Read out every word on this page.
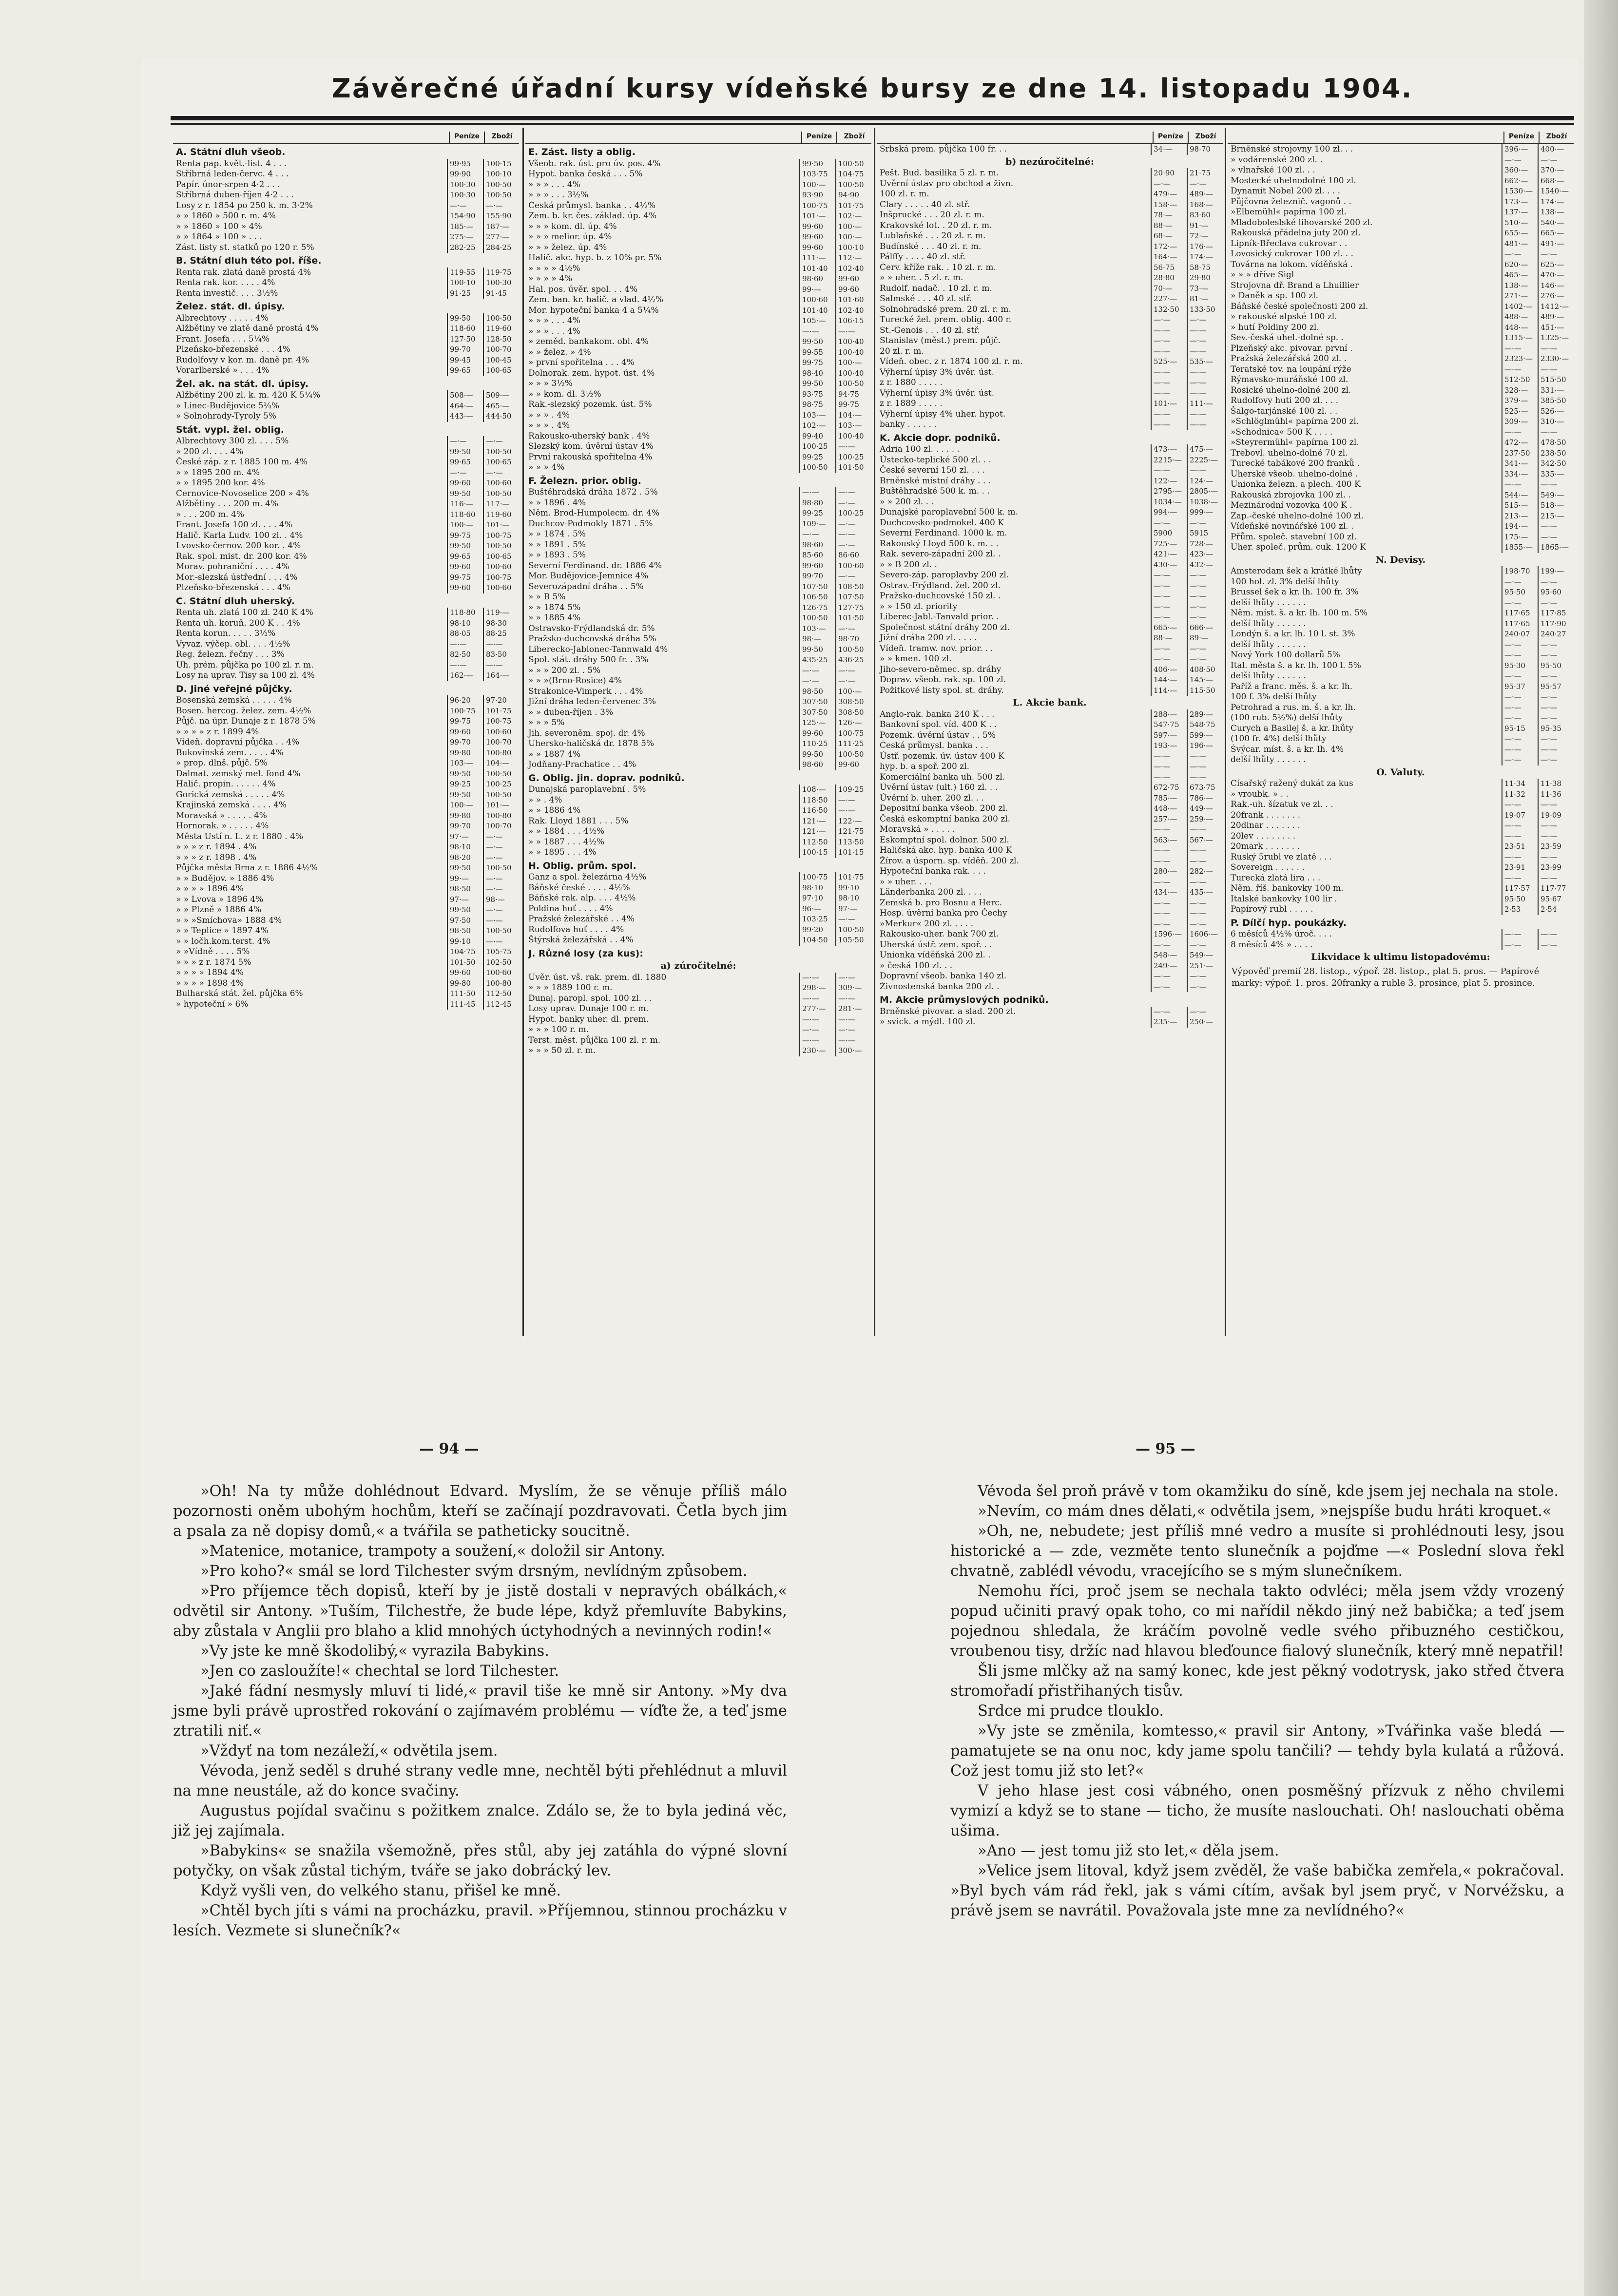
Závěrečné úřadní kursy vídeňské bursy ze dne 14. listopadu 1904.
Peníze	Zboží
A. Státní dluh všeob.
Renta pap. květ.-list. 4 . . .	99·95	100·15
Stříbrná leden-červc. 4 . . .	99·90	100·10
Papír. únor-srpen 4·2 . . .	100·30	100·50
Stříbrná duben-říjen 4·2 . . .	100·30	100·50
Losy z r. 1854 po 250 k. m. 3·2%	—·—	—·—
» » 1860 » 500 r. m. 4%	154·90	155·90
» » 1860 » 100 » 4%	185·—	187·—
» » 1864 » 100 » . . .	275·—	277·—
Zást. listy st. statků po 120 r. 5%	282·25	284·25
B. Státní dluh této pol. říše.
Renta rak. zlatá daně prostá 4%	119·55	119·75
Renta rak. kor. . . . . 4%	100·10	100·30
Renta investič. . . . 3½%	91·25	91·45
Želez. stát. dl. úpisy.
Albrechtovy . . . . . 4%	99·50	100·50
Alžbětiny ve zlatě daně prostá 4%	118·60	119·60
Frant. Josefa . . . 5¼%	127·50	128·50
Plzeňsko-březenské . . . 4%	99·70	100·70
Rudolfovy v kor. m. daně pr. 4%	99·45	100·45
Vorarlberské » . . . 4%	99·65	100·65
Žel. ak. na stát. dl. úpisy.
Alžbětiny 200 zl. k. m. 420 K 5¼%	508·—	509·—
» Linec-Budějovice 5¼%	464·—	465·—
» Solnohrady-Tyroly 5%	443·—	444·50
Stát. vypl. žel. oblig.
Albrechtovy 300 zl. . . . 5%	—·—	—·—
» 200 zl. . . . 4%	99·50	100·50
České záp. z r. 1885 100 m. 4%	99·65	100·65
» » 1895 200 m. 4%	—·—	—·—
» » 1895 200 kor. 4%	99·60	100·60
Černovice-Novoselice 200 » 4%	99·50	100·50
Alžbětiny . . . 200 m. 4%	116·—	117·—
» . . . 200 m. 4%	118·60	119·60
Frant. Josefa 100 zl. . . . 4%	100·—	101·—
Halič. Karla Ludv. 100 zl. . 4%	99·75	100·75
Lvovsko-černov. 200 kor. . 4%	99·50	100·50
Rak. spol. mist. dr. 200 kor. 4%	99·65	100·65
Morav. pohraniční . . . . 4%	99·60	100·60
Mor.-slezská ústřední . . . 4%	99·75	100·75
Plzeňsko-březenská . . . 4%	99·60	100·60
C. Státní dluh uherský.
Renta uh. zlatá 100 zl. 240 K 4%	118·80	119·—
Renta uh. koruň. 200 K . . 4%	98·10	98·30
Renta korun. . . . . 3½%	88·05	88·25
Vyvaz. výčep. obl. . . . 4½%	—·—	—·—
Reg. železn. řečny . . . 3%	82·50	83·50
Uh. prém. půjčka po 100 zl. r. m.	—·—	—·—
Losy na uprav. Tisy sa 100 zl. 4%	162·—	164·—
D. Jiné veřejné půjčky.
Bosenská zemská . . . . . 4%	96·20	97·20
Bosen. hercog. želez. zem. 4½%	100·75	101·75
Půjč. na úpr. Dunaje z r. 1878 5%	99·75	100·75
» » » » z r. 1899 4%	99·60	100·60
Vídeň. dopravní půjčka . . 4%	99·70	100·70
Bukovinská zem. . . . . 4%	99·80	100·80
» prop. dlnš. půjč. 5%	103·—	104·—
Dalmat. zemský mel. fond 4%	99·50	100·50
Halič. propin. . . . . . 4%	99·25	100·25
Gorická zemská . . . . . 4%	99·50	100·50
Krajinská zemská . . . . 4%	100·—	101·—
Moravská » . . . . . 4%	99·80	100·80
Hornorak. » . . . . . 4%	99·70	100·70
Města Ústí n. L. z r. 1880 . 4%	97·—	—·—
» » » z r. 1894 . 4%	98·10	—·—
» » » z r. 1898 . 4%	98·20	—·—
Půjčka města Brna z r. 1886 4½%	99·50	100·50
» » Budějov. » 1886 4%	99·—	—·—
» » » » 1896 4%	98·50	—·—
» » Lvova » 1896 4%	97·—	98·—
» » Plzně » 1886 4%	99·50	—·—
» » »Smíchova» 1888 4%	97·50	—·—
» » Teplice » 1897 4%	98·50	100·50
» » ločh.kom.terst. 4%	99·10	—·—
» »Vídně . . . . 5%	104·75	105·75
» » » z r. 1874 5%	101·50	102·50
» » » » 1894 4%	99·60	100·60
» » » » 1898 4%	99·80	100·80
Bulharská stát. žel. půjčka 6%	111·50	112·50
» hypoteční » 6%	111·45	112·45
Peníze	Zboží
E. Zást. listy a oblig.
Všeob. rak. úst. pro úv. pos. 4%	99·50	100·50
Hypot. banka česká . . . 5%	103·75	104·75
» » » . . . 4%	100·—	100·50
» » » . . . 3½%	93·90	94·90
Česká průmysl. banka . . 4½%	100·75	101·75
Zem. b. kr. čes. základ. úp. 4%	101·—	102·—
» » » kom. dl. úp. 4%	99·60	100·—
» » » melior. úp. 4%	99·60	100·—
» » » želez. úp. 4%	99·60	100·10
Halič. akc. hyp. b. z 10% pr. 5%	111·—	112·—
» » » » 4½%	101·40	102·40
» » » » 4%	98·60	99·60
Hal. pos. úvěr. spol. . . 4%	99·—	99·60
Zem. ban. kr. halič. a vlad. 4½%	100·60	101·60
Mor. hypoteční banka 4 a 5¼%	101·40	102·40
» » » . . . 4%	105·—	106·15
» » » . . . 4%	—·—	—·—
» zeměd. bankakom. obl. 4%	99·50	100·40
» » želez. » 4%	99·55	100·40
» první spořitelna . . . 4%	99·75	100·—
Dolnorak. zem. hypot. úst. 4%	98·40	100·40
» » » 3½%	99·50	100·50
» » kom. dl. 3½%	93·75	94·75
Rak.-slezský pozemk. úst. 5%	98·75	99·75
» » » . 4%	103·—	104·—
» » » . 4%	102·—	103·—
Rakousko-uherský bank . 4%	99·40	100·40
Slezský kom. úvěrní ústav 4%	100·25	—·—
První rakouská spořitelna 4%	99·25	100·25
» » » 4%	100·50	101·50
F. Železn. prior. oblig.
Buštěhradská dráha 1872 . 5%	—·—	—·—
» » 1896 . 4%	98·80	—·—
Něm. Brod-Humpolecm. dr. 4%	99·25	100·25
Duchcov-Podmokly 1871 . 5%	109·—	—·—
» » 1874 . 5%	—·—	—·—
» » 1891 . 5%	98·60	—·—
» » 1893 . 5%	85·60	86·60
Severní Ferdinand. dr. 1886 4%	99·60	100·60
Mor. Budějovice-Jemnice 4%	99·70	—·—
Severozápadní dráha . . 5%	107·50	108·50
» » B 5%	106·50	107·50
» » 1874 5%	126·75	127·75
» » 1885 4%	100·50	101·50
Ostravsko-Frýdlandská dr. 5%	103·—	—·—
Pražsko-duchcovská dráha 5%	98·—	98·70
Liberecko-Jablonec-Tannwald 4%	99·50	100·50
Spol. stát. dráhy 500 fr. . 3%	435·25	436·25
» » » 200 zl. . 5%	—·—	—·—
» » »(Brno-Rosice) 4%	—·—	—·—
Strakonice-Vimperk . . . 4%	98·50	100·—
Jižní dráha leden-červenec 3%	307·50	308·50
» » duben-říjen . 3%	307·50	308·50
» » » 5%	125·—	126·—
Jih. severoněm. spoj. dr. 4%	99·60	100·75
Uhersko-haličská dr. 1878 5%	110·25	111·25
» » 1887 4%	99·50	100·50
Jodňany-Prachatice . . 4%	98·60	99·60
G. Oblig. jin. doprav. podniků.
Dunajská paroplavební . 5%	108·—	109·25
» » . 4%	118·50	—·—
» » 1886 4%	116·50	—·—
Rak. Lloyd 1881 . . . 5%	121·—	122·—
» » 1884 . . . 4½%	121·—	121·75
» » 1887 . . . 4½%	112·50	113·50
» » 1895 . . . 4%	100·15	101·15
H. Oblig. prům. spol.
Ganz a spol. železárna 4½%	100·75	101·75
Báňské české . . . . 4½%	98·10	99·10
Báňské rak. alp. . . . 4½%	97·10	98·10
Poldina huť . . . . 4%	96·—	97·—
Pražské železářské . . 4%	103·25	—·—
Rudolfova huť . . . . 4%	99·20	100·50
Štýrská železářská . . 4%	104·50	105·50
J. Různé losy (za kus):
a) zúročitelné:
Úvěr. úst. vš. rak. prem. dl. 1880	—·—	—·—
» » » 1889 100 r. m.	298·—	309·—
Dunaj. paropl. spol. 100 zl. . .	—·—	—·—
Losy uprav. Dunaje 100 r. m.	277·—	281·—
Hypot. banky uher. dl. prem.	—·—	—·—
» » » 100 r. m.	—·—	—·—
Terst. měst. půjčka 100 zl. r. m.	—·—	—·—
» » » 50 zl. r. m.	230·—	300·—
Peníze	Zboží
Srbská prem. půjčka 100 fr. . .	34·—	98·70
b) nezúročitelné:
Pešt. Bud. basilika 5 zl. r. m.	20·90	21·75
Úvěrní ústav pro obchod a živn.	—·—	—·—
100 zl. r. m.	479·—	489·—
Clary . . . . . 40 zl. stř.	158·—	168·—
Inšprucké . . . 20 zl. r. m.	78·—	83·60
Krakovské lot. . 20 zl. r. m.	88·—	91·—
Lublaňské . . . 20 zl. r. m.	68·—	72·—
Budínské . . . 40 zl. r. m.	172·—	176·—
Pálffy . . . . 40 zl. stř.	164·—	174·—
Červ. kříže rak. . 10 zl. r. m.	56·75	58·75
» » uher. . 5 zl. r. m.	28·80	29·80
Rudolf. nadač. . 10 zl. r. m.	70·—	73·—
Salmské . . . 40 zl. stř.	227·—	81·—
Solnohradské prem. 20 zl. r. m.	132·50	133·50
Turecké žel. prem. oblig. 400 r.	—·—	—·—
St.-Genois . . . 40 zl. stř.	—·—	—·—
Stanislav (měst.) prem. půjč.	—·—	—·—
20 zl. r. m.	—·—	—·—
Vídeň. obec. z r. 1874 100 zl. r. m.	525·—	535·—
Výherní úpisy 3% úvěr. úst.	—·—	—·—
z r. 1880 . . . . .	—·—	—·—
Výherní úpisy 3% úvěr. úst.	—·—	—·—
z r. 1889 . . . . .	101·—	111·—
Výherní úpisy 4% uher. hypot.	—·—	—·—
banky . . . . . .	—·—	—·—
K. Akcie dopr. podniků.
Adria 100 zl. . . . . .	473·—	475·—
Ústecko-teplické 500 zl. . .	2215·—	2225·—
České severní 150 zl. . . .	—·—	—·—
Brněnské místní dráhy . . .	122·—	124·—
Buštěhradské 500 k. m. . .	2795·—	2805·—
» » 200 zl. . .	1034·—	1038·—
Dunajské paroplavební 500 k. m.	994·—	999·—
Duchcovsko-podmokel. 400 K	—·—	—·—
Severní Ferdinand. 1000 k. m.	5900	5915
Rakouský Lloyd 500 k. m. . .	725·—	728·—
Rak. severo-západní 200 zl. .	421·—	423·—
» » B 200 zl. .	430·—	432·—
Severo-záp. paroplavby 200 zl.	—·—	—·—
Ostrav.-Frýdland. žel. 200 zl.	—·—	—·—
Pražsko-duchcovské 150 zl. .	—·—	—·—
» » 150 zl. priority	—·—	—·—
Liberec-Jabl.-Tanvald prior. .	—·—	—·—
Společnost státní dráhy 200 zl.	665·—	666·—
Jižní dráha 200 zl. . . . .	88·—	89·—
Vídeň. tramw. nov. prior. . .	—·—	—·—
» » kmen. 100 zl.	—·—	—·—
Jiho-severo-němec. sp. dráhy	406·—	408·50
Doprav. všeob. rak. sp. 100 zl.	144·—	145·—
Požitkové listy spol. st. dráhy.	114·—	115·50
L. Akcie bank.
Anglo-rak. banka 240 K . . .	288·—	289·—
Bankovní spol. víd. 400 K . .	547·75	548·75
Pozemk. úvěrní ústav . . 5%	597·—	599·—
Česká průmysl. banka . . .	193·—	196·—
Ústř. pozemk. úv. ústav 400 K	—·—	—·—
hyp. b. a spoř. 200 zl.	—·—	—·—
Komerciální banka uh. 500 zl.	—·—	—·—
Úvěrní ústav (ult.) 160 zl. . .	672·75	673·75
Úvěrní b. uher. 200 zl. . .	785·—	786·—
Depositní banka všeob. 200 zl.	448·—	449·—
Česká eskomptní banka 200 zl.	257·—	259·—
Moravská » . . . . .	—·—	—·—
Eskomptní spol. dolnor. 500 zl.	563·—	567·—
Haličská akc. hyp. banka 400 K	—·—	—·—
Žírov. a úsporn. sp. víděň. 200 zl.	—·—	—·—
Hypoteční banka rak. . . .	280·—	282·—
» » uher. . . .	—·—	—·—
Länderbanka 200 zl. . . .	434·—	435·—
Zemská b. pro Bosnu a Herc.	—·—	—·—
Hosp. úvěrní banka pro Čechy	—·—	—·—
»Merkur« 200 zl. . . . .	—·—	—·—
Rakousko-uher. bank 700 zl.	1596·—	1606·—
Uherská ústř. zem. spoř. . .	—·—	—·—
Unionka víděňská 200 zl. .	548·—	549·—
» česká 100 zl. . .	249·—	251·—
Dopravní všeob. banka 140 zl.	—·—	—·—
Živnostenská banka 200 zl. .	—·—	—·—
M. Akcie průmyslových podniků.
Brněnské pivovar. a slad. 200 zl.	—·—	—·—
» svick. a mýdl. 100 zl.	235·—	250·—
Peníze	Zboží
Brněnské strojovny 100 zl. . .	396·—	400·—
» vodárenské 200 zl. .	—·—	—·—
» vlnařské 100 zl. . .	360·—	370·—
Mostecké uhelnodolné 100 zl.	662·—	668·—
Dynamit Nobel 200 zl. . . .	1530·—	1540·—
Půjčovna železnič. vagonů . .	173·—	174·—
»Elbemühl« papírna 100 zl.	137·—	138·—
Mladoboleslské lihovarské 200 zl.	510·—	540·—
Rakouská přádelna juty 200 zl.	655·—	665·—
Lipník-Břeclava cukrovar . .	481·—	491·—
Lovosický cukrovar 100 zl. . .	—·—	—·—
Továrna na lokom. víděňská .	620·—	625·—
» » » dříve Sigl	465·—	470·—
Strojovna dř. Brand a Lhuillier	138·—	146·—
» Daněk a sp. 100 zl.	271·—	276·—
Báňské české společnosti 200 zl.	1402·—	1412·—
» rakouské alpské 100 zl.	488·—	489·—
» hutí Poldiny 200 zl.	448·—	451·—
Sev.-česká uhel.-dolné sp. .	1315·—	1325·—
Plzeňský akc. pivovar. první .	—·—	—·—
Pražská železářská 200 zl. .	2323·—	2330·—
Teratské tov. na loupání rýže	—·—	—·—
Rýmavsko-muráňské 100 zl.	512·50	515·50
Rosické uhelno-dolné 200 zl.	328·—	331·—
Rudolfovy huti 200 zl. . . .	379·—	385·50
Šalgo-tarjánské 100 zl. . .	525·—	526·—
»Schlöglmühl« papírna 200 zl.	309·—	310·—
»Schodnica« 500 K . . . .	—·—	—·—
»Steyrermühl« papírna 100 zl.	472·—	478·50
Trebovl. uhelno-dolné 70 zl.	237·50	238·50
Turecké tabákové 200 franků .	341·—	342·50
Uherské všeob. uhelno-dolné .	334·—	335·—
Unionka železn. a plech. 400 K	—·—	—·—
Rakouská zbrojovka 100 zl. .	544·—	549·—
Mezinárodní vozovka 400 K .	515·—	518·—
Zap.-české uhelno-dolné 100 zl.	213·—	215·—
Vídeňské novinářské 100 zl. .	194·—	—·—
Přům. společ. stavební 100 zl.	175·—	—·—
Uher. společ. prům. cuk. 1200 K	1855·—	1865·—
N. Devisy.
Amsterodam šek a krátké lhůty	198·70	199·—
100 hol. zl. 3% delší lhůty	—·—	—·—
Brussel šek a kr. lh. 100 fr. 3%	95·50	95·60
delší lhůty . . . . . .	—·—	—·—
Něm. míst. š. a kr. lh. 100 m. 5%	117·65	117·85
delší lhůty . . . . . .	117·65	117·90
Londýn š. a kr. lh. 10 l. st. 3%	240·07	240·27
delší lhůty . . . . . .	—·—	—·—
Nový York 100 dollarů 5%	—·—	—·—
Ital. města š. a kr. lh. 100 l. 5%	95·30	95·50
delší lhůty . . . . . .	—·—	—·—
Paříž a franc. měs. š. a kr. lh.	95·37	95·57
100 f. 3% delší lhůty	—·—	—·—
Petrohrad a rus. m. š. a kr. lh.	—·—	—·—
(100 rub. 5½%) delší lhůty	—·—	—·—
Curych a Basilej š. a kr. lhůty	95·15	95·35
(100 fr. 4%) delší lhůty	—·—	—·—
Švýcar. míst. š. a kr. lh. 4%	—·—	—·—
delší lhůty . . . . . .	—·—	—·—
O. Valuty.
Císařský ražený dukát za kus	11·34	11·38
» vroubk. » . .	11·32	11·36
Rak.-uh. šízatuk ve zl. . .	—·—	—·—
20frank . . . . . . .	19·07	19·09
20dinar . . . . . . .	—·—	—·—
20lev . . . . . . . .	—·—	—·—
20mark . . . . . . .	23·51	23·59
Ruský 5rubl ve zlatě . . .	—·—	—·—
Sovereign . . . . . .	23·91	23·99
Turecká zlatá lira . . .	—·—	—·—
Něm. říš. bankovky 100 m.	117·57	117·77
Italské bankovky 100 lir .	95·50	95·67
Papírový rubl . . . . .	2·53	2·54
P. Dílčí hyp. poukázky.
6 měsíců 4½% úroč. . . .	—·—	—·—
8 měsíců 4% » . . . .	—·—	—·—
Likvidace k ultimu listopadovému:
Výpověď premií 28. listop., výpoř. 28. listop., plat 5. pros. — Papírové marky: výpoř. 1. pros. 20franky a ruble 3. prosince, plat 5. prosince.
— 94 —	— 95 —

»Oh! Na ty může dohlédnout Edvard. Myslím, že se věnuje příliš málo pozornosti oněm ubohým hochům, kteří se začínají pozdravovati. Četla bych jim a psala za ně dopisy domů,« a tvářila se patheticky soucitně.

»Matenice, motanice, trampoty a soužení,« doložil sir Antony.

»Pro koho?« smál se lord Tilchester svým drsným, nevlídným způsobem.

»Pro příjemce těch dopisů, kteří by je jistě dostali v nepravých obálkách,« odvětil sir Antony. »Tuším, Tilchestře, že bude lépe, když přemluvíte Babykins, aby zůstala v Anglii pro blaho a klid mnohých úctyhodných a nevinných rodin!«

»Vy jste ke mně škodolibý,« vyrazila Babykins.

»Jen co zasloužíte!« chechtal se lord Tilchester.

»Jaké fádní nesmysly mluví ti lidé,« pravil tiše ke mně sir Antony. »My dva jsme byli právě uprostřed rokování o zajímavém problému — víďte že, a teď jsme ztratili niť.«

»Vždyť na tom nezáleží,« odvětila jsem.

Vévoda, jenž seděl s druhé strany vedle mne, nechtěl býti přehlédnut a mluvil na mne neustále, až do konce svačiny.

Augustus pojídal svačinu s požitkem znalce. Zdálo se, že to byla jediná věc, již jej zajímala.

»Babykins« se snažila všemožně, přes stůl, aby jej zatáhla do výpné slovní potyčky, on však zůstal tichým, tváře se jako dobrácký lev.

Když vyšli ven, do velkého stanu, přišel ke mně.

»Chtěl bych jíti s vámi na procházku, pravil. »Příjemnou, stinnou procházku v lesích. Vezmete si slunečník?«

Vévoda šel proň právě v tom okamžiku do síně, kde jsem jej nechala na stole.

»Nevím, co mám dnes dělati,« odvětila jsem, »nejspíše budu hráti kroquet.«

»Oh, ne, nebudete; jest příliš mné vedro a musíte si prohlédnouti lesy, jsou historické a — zde, vezměte tento slunečník a pojďme —« Poslední slova řekl chvatně, zablédl vévodu, vracejícího se s mým slunečníkem.

Nemohu říci, proč jsem se nechala takto odvléci; měla jsem vždy vrozený popud učiniti pravý opak toho, co mi nařídil někdo jiný než babička; a teď jsem pojednou shledala, že kráčím povolně vedle svého přibuzného cestičkou, vroubenou tisy, držíc nad hlavou bleďounce fialový slunečník, který mně nepatřil!

Šli jsme mlčky až na samý konec, kde jest pěkný vodotrysk, jako střed čtvera stromořadí přistřihaných tisův.

Srdce mi prudce tlouklo.

»Vy jste se změnila, komtesso,« pravil sir Antony, »Tvářinka vaše bledá — pamatujete se na onu noc, kdy jame spolu tančili? — tehdy byla kulatá a růžová. Což jest tomu již sto let?«

V jeho hlase jest cosi vábného, onen posměšný přízvuk z něho chvilemi vymizí a když se to stane — ticho, že musíte naslouchati. Oh! naslouchati oběma ušima.

»Ano — jest tomu již sto let,« děla jsem.

»Velice jsem litoval, když jsem zvěděl, že vaše babička zemřela,« pokračoval. »Byl bych vám rád řekl, jak s vámi cítím, avšak byl jsem pryč, v Norvéžsku, a právě jsem se navrátil. Považovala jste mne za nevlídného?«
